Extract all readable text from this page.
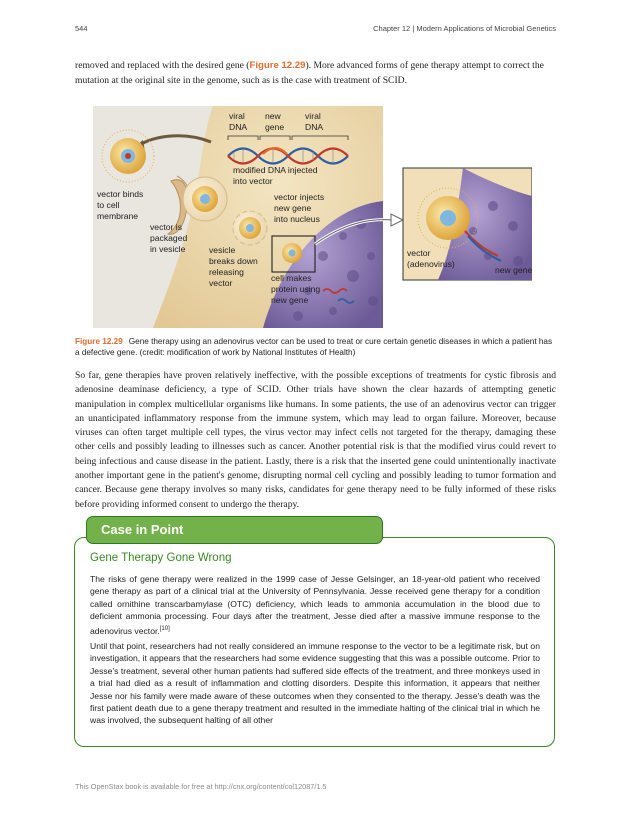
544	Chapter 12 | Modern Applications of Microbial Genetics

removed and replaced with the desired gene (Figure 12.29). More advanced forms of gene therapy attempt to correct the mutation at the original site in the genome, such as is the case with treatment of SCID.

viral
DNA
new
gene
viral
DNA
modified DNA injected
into vector
vector binds
to cell
membrane
vector is
packaged
in vesicle
vector injects
new gene
into nucleus
vesicle
breaks down
releasing
vector	cell makes
protein using
new gene
vector
(adenovirus)
new gene

Figure 12.29 Gene therapy using an adenovirus vector can be used to treat or cure certain genetic diseases in which a patient has a defective gene. (credit: modification of work by National Institutes of Health)

So far, gene therapies have proven relatively ineffective, with the possible exceptions of treatments for cystic fibrosis and adenosine deaminase deficiency, a type of SCID. Other trials have shown the clear hazards of attempting genetic manipulation in complex multicellular organisms like humans. In some patients, the use of an adenovirus vector can trigger an unanticipated inflammatory response from the immune system, which may lead to organ failure. Moreover, because viruses can often target multiple cell types, the virus vector may infect cells not targeted for the therapy, damaging these other cells and possibly leading to illnesses such as cancer. Another potential risk is that the modified virus could revert to being infectious and cause disease in the patient. Lastly, there is a risk that the inserted gene could unintentionally inactivate another important gene in the patient's genome, disrupting normal cell cycling and possibly leading to tumor formation and cancer. Because gene therapy involves so many risks, candidates for gene therapy need to be fully informed of these risks before providing informed consent to undergo the therapy.

Case in Point
Gene Therapy Gone Wrong

The risks of gene therapy were realized in the 1999 case of Jesse Gelsinger, an 18-year-old patient who received gene therapy as part of a clinical trial at the University of Pennsylvania. Jesse received gene therapy for a condition called ornithine transcarbamylase (OTC) deficiency, which leads to ammonia accumulation in the blood due to deficient ammonia processing. Four days after the treatment, Jesse died after a massive immune response to the adenovirus vector.[10]

Until that point, researchers had not really considered an immune response to the vector to be a legitimate risk, but on investigation, it appears that the researchers had some evidence suggesting that this was a possible outcome. Prior to Jesse's treatment, several other human patients had suffered side effects of the treatment, and three monkeys used in a trial had died as a result of inflammation and clotting disorders. Despite this information, it appears that neither Jesse nor his family were made aware of these outcomes when they consented to the therapy. Jesse's death was the first patient death due to a gene therapy treatment and resulted in the immediate halting of the clinical trial in which he was involved, the subsequent halting of all other

This OpenStax book is available for free at http://cnx.org/content/col12087/1.5
